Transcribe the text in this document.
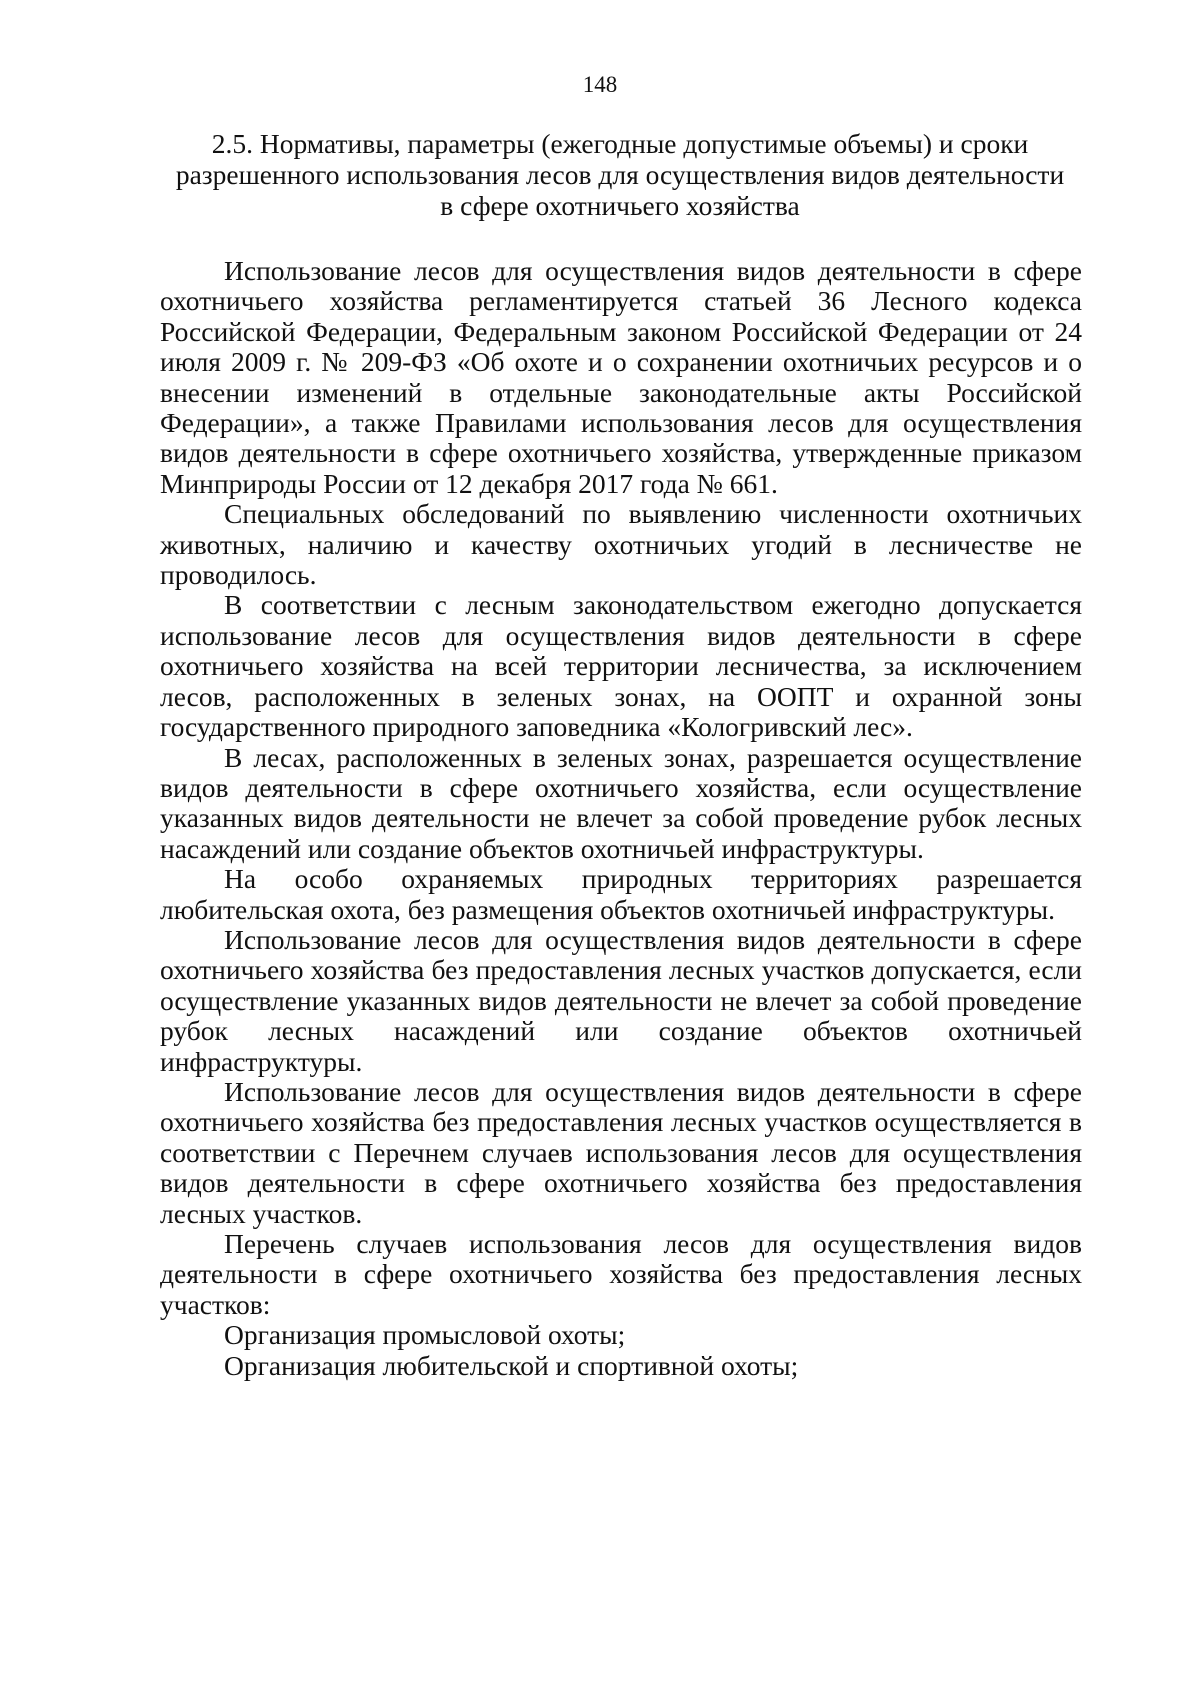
148
2.5. Нормативы, параметры (ежегодные допустимые объемы) и сроки
разрешенного использования лесов для осуществления видов деятельности
в сфере охотничьего хозяйства

Использование лесов для осуществления видов деятельности в сфере охотничьего хозяйства регламентируется статьей 36 Лесного кодекса Российской Федерации, Федеральным законом Российской Федерации от 24 июля 2009 г. № 209-ФЗ «Об охоте и о сохранении охотничьих ресурсов и о внесении изменений в отдельные законодательные акты Российской Федерации», а также Правилами использования лесов для осуществления видов деятельности в сфере охотничьего хозяйства, утвержденные приказом Минприроды России от 12 декабря 2017 года № 661.

Специальных обследований по выявлению численности охотничьих животных, наличию и качеству охотничьих угодий в лесничестве не проводилось.

В соответствии с лесным законодательством ежегодно допускается использование лесов для осуществления видов деятельности в сфере охотничьего хозяйства на всей территории лесничества, за исключением лесов, расположенных в зеленых зонах, на ООПТ и охранной зоны государственного природного заповедника «Кологривский лес».

В лесах, расположенных в зеленых зонах, разрешается осуществление видов деятельности в сфере охотничьего хозяйства, если осуществление указанных видов деятельности не влечет за собой проведение рубок лесных насаждений или создание объектов охотничьей инфраструктуры.

На особо охраняемых природных территориях разрешается любительская охота, без размещения объектов охотничьей инфраструктуры.

Использование лесов для осуществления видов деятельности в сфере охотничьего хозяйства без предоставления лесных участков допускается, если осуществление указанных видов деятельности не влечет за собой проведение рубок лесных насаждений или создание объектов охотничьей инфраструктуры.

Использование лесов для осуществления видов деятельности в сфере охотничьего хозяйства без предоставления лесных участков осуществляется в соответствии с Перечнем случаев использования лесов для осуществления видов деятельности в сфере охотничьего хозяйства без предоставления лесных участков.

Перечень случаев использования лесов для осуществления видов деятельности в сфере охотничьего хозяйства без предоставления лесных участков:

Организация промысловой охоты;

Организация любительской и спортивной охоты;
